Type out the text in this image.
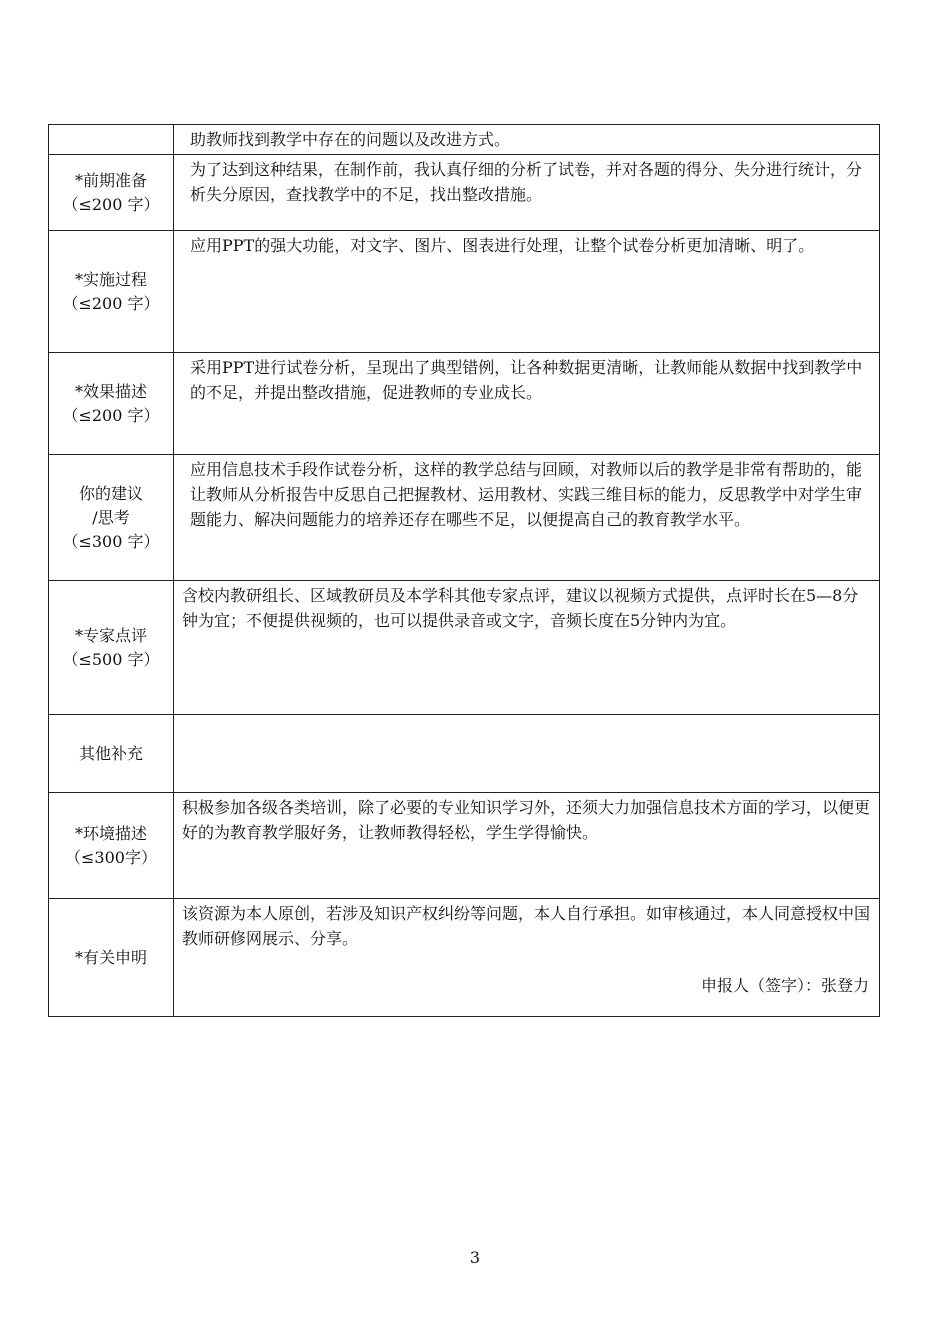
	助教师找到教学中存在的问题以及改进方式。

*前期准备
（≤200 字）	为了达到这种结果，在制作前，我认真仔细的分析了试卷，并对各题的得分、失分进行统计，分析失分原因，查找教学中的不足，找出整改措施。

*实施过程
（≤200 字）	应用PPT的强大功能，对文字、图片、图表进行处理，让整个试卷分析更加清晰、明了。

*效果描述
（≤200 字）	采用PPT进行试卷分析，呈现出了典型错例，让各种数据更清晰，让教师能从数据中找到教学中的不足，并提出整改措施，促进教师的专业成长。

你的建议
/思考
（≤300 字）	应用信息技术手段作试卷分析，这样的教学总结与回顾，对教师以后的教学是非常有帮助的，能让教师从分析报告中反思自己把握教材、运用教材、实践三维目标的能力，反思教学中对学生审题能力、解决问题能力的培养还存在哪些不足，以便提高自己的教育教学水平。

*专家点评
（≤500 字）	含校内教研组长、区域教研员及本学科其他专家点评，建议以视频方式提供，点评时长在5—8分钟为宜；不便提供视频的，也可以提供录音或文字，音频长度在5分钟内为宜。

其他补充	

*环境描述
（≤300字）	积极参加各级各类培训，除了必要的专业知识学习外，还须大力加强信息技术方面的学习，以便更好的为教育教学服好务，让教师教得轻松，学生学得愉快。

*有关申明	该资源为本人原创，若涉及知识产权纠纷等问题，本人自行承担。如审核通过，本人同意授权中国教师研修网展示、分享。
申报人（签字）：张登力
3
